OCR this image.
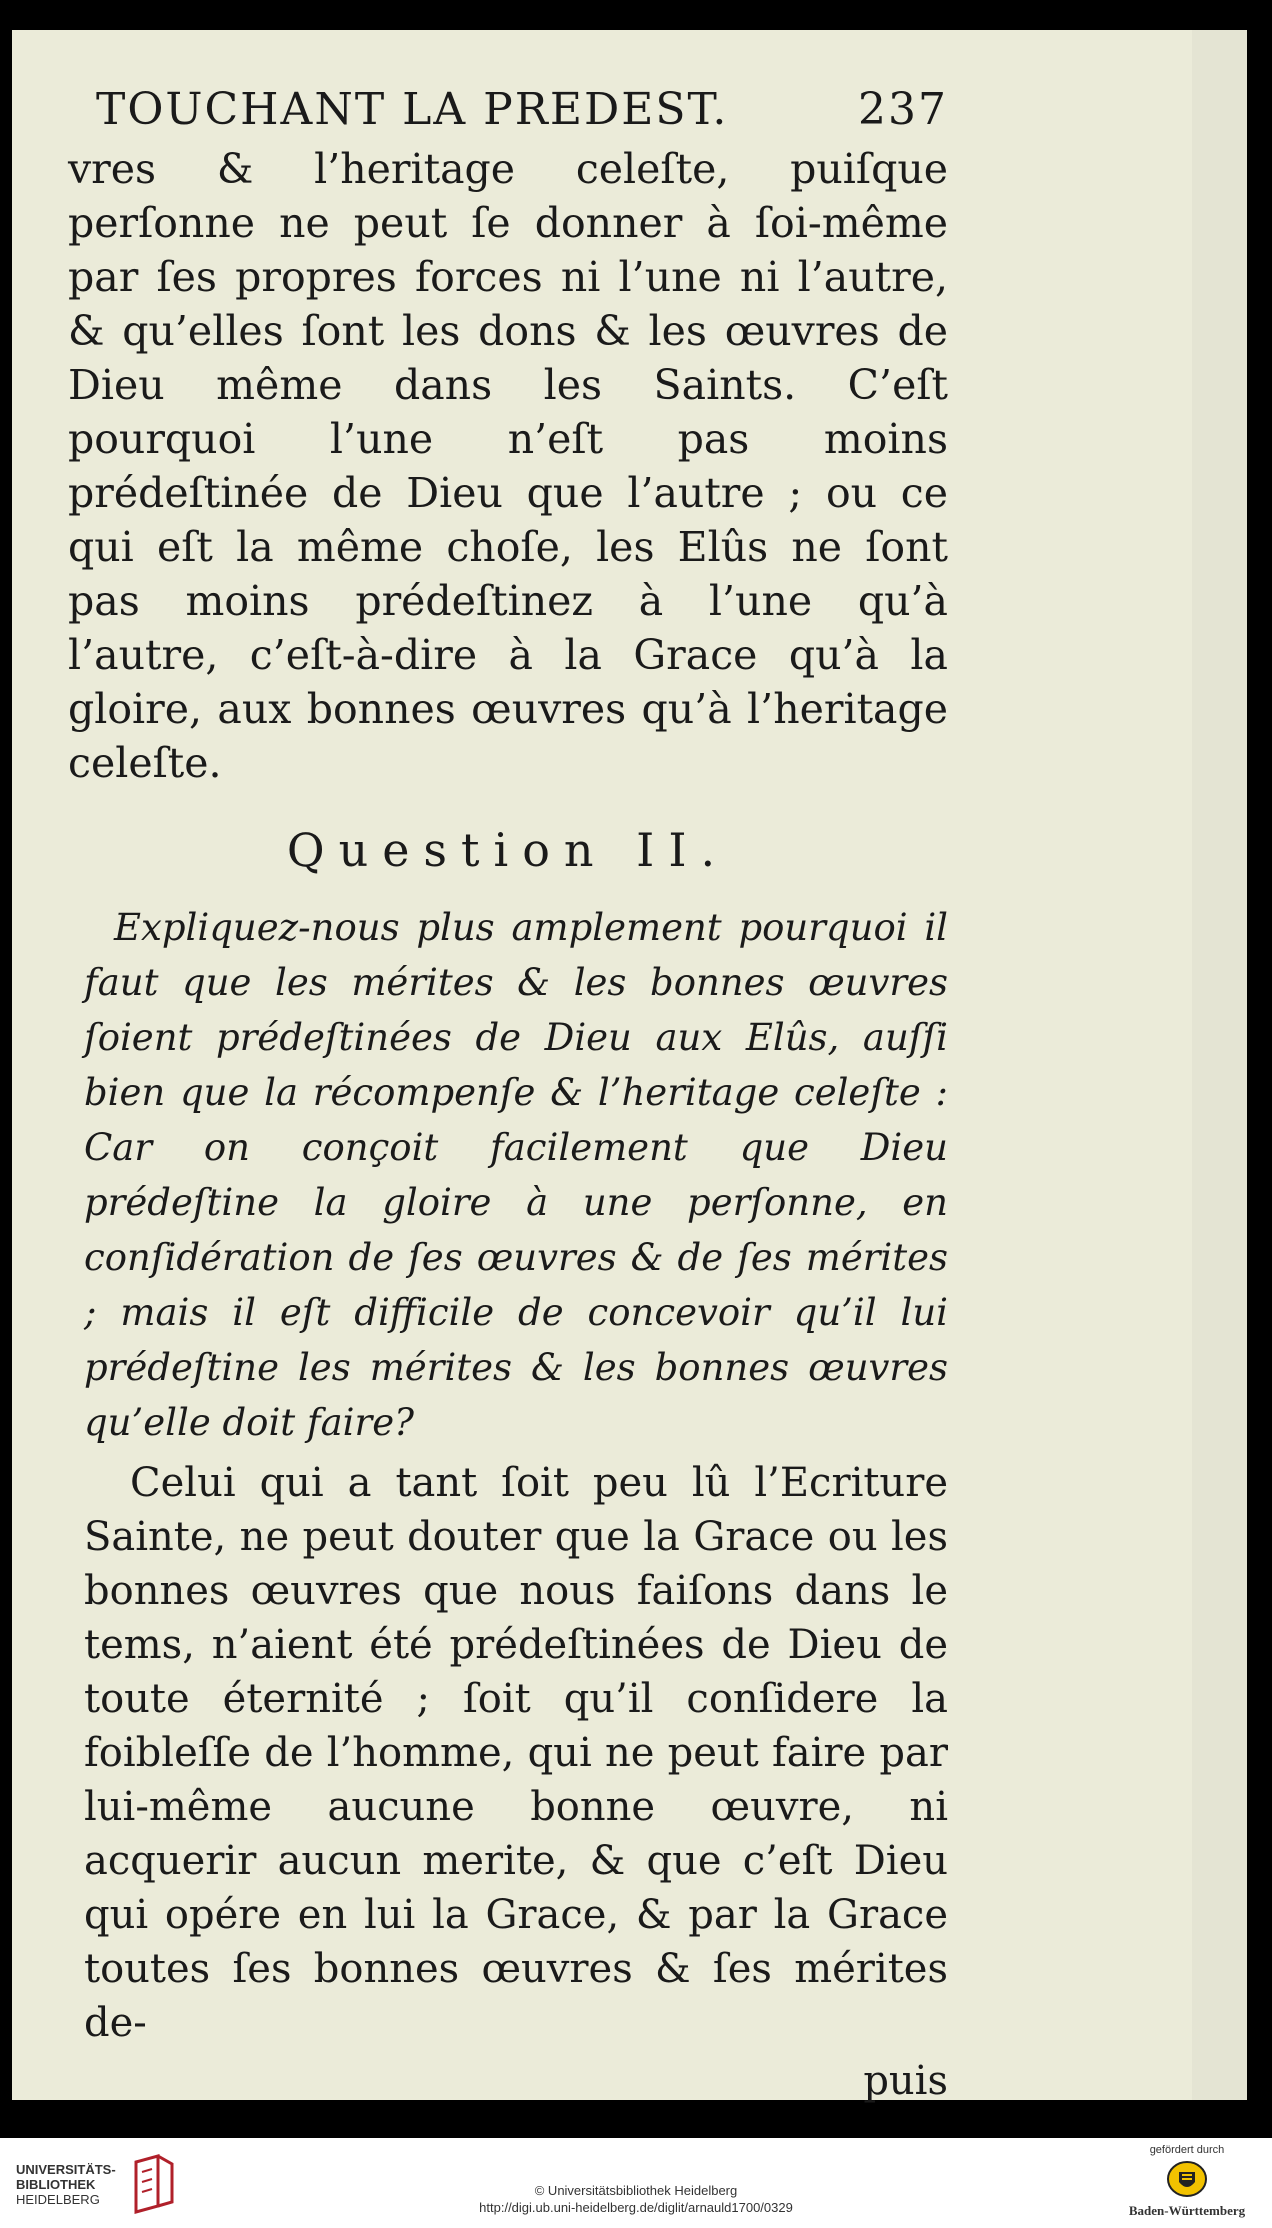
TOUCHANT LA PREDEST.	237

vres & l’heritage celeſte, puiſque perſonne ne peut ſe donner à ſoi-même par ſes propres forces ni l’une ni l’autre, & qu’elles ſont les dons & les œuvres de Dieu même dans les Saints. C’eſt pourquoi l’une n’eſt pas moins prédeſtinée de Dieu que l’autre ; ou ce qui eſt la même choſe, les Elûs ne ſont pas moins prédeſtinez à l’une qu’à l’autre, c’eſt-à-dire à la Grace qu’à la gloire, aux bonnes œuvres qu’à l’heritage celeſte.

Question II.

Expliquez-nous plus amplement pourquoi il faut que les mérites & les bonnes œuvres ſoient prédeſtinées de Dieu aux Elûs, auſſi bien que la récompenſe & l’heritage celeſte : Car on conçoit facilement que Dieu prédeſtine la gloire à une perſonne, en conſidération de ſes œuvres & de ſes mérites ; mais il eſt difficile de concevoir qu’il lui prédeſtine les mérites & les bonnes œuvres qu’elle doit faire?

Celui qui a tant ſoit peu lû l’Ecriture Sainte, ne peut douter que la Grace ou les bonnes œuvres que nous faiſons dans le tems, n’aient été prédeſtinées de Dieu de toute éternité ; ſoit qu’il conſidere la foibleſſe de l’homme, qui ne peut faire par lui-même aucune bonne œuvre, ni acquerir aucun merite, & que c’eſt Dieu qui opére en lui la Grace, & par la Grace toutes ſes bonnes œuvres & ſes mérites de-

puis
UNIVERSITÄTS-
BIBLIOTHEK
HEIDELBERG
© Universitätsbibliothek Heidelberg
http://digi.ub.uni-heidelberg.de/diglit/arnauld1700/0329
gefördert durch
Baden-Württemberg
